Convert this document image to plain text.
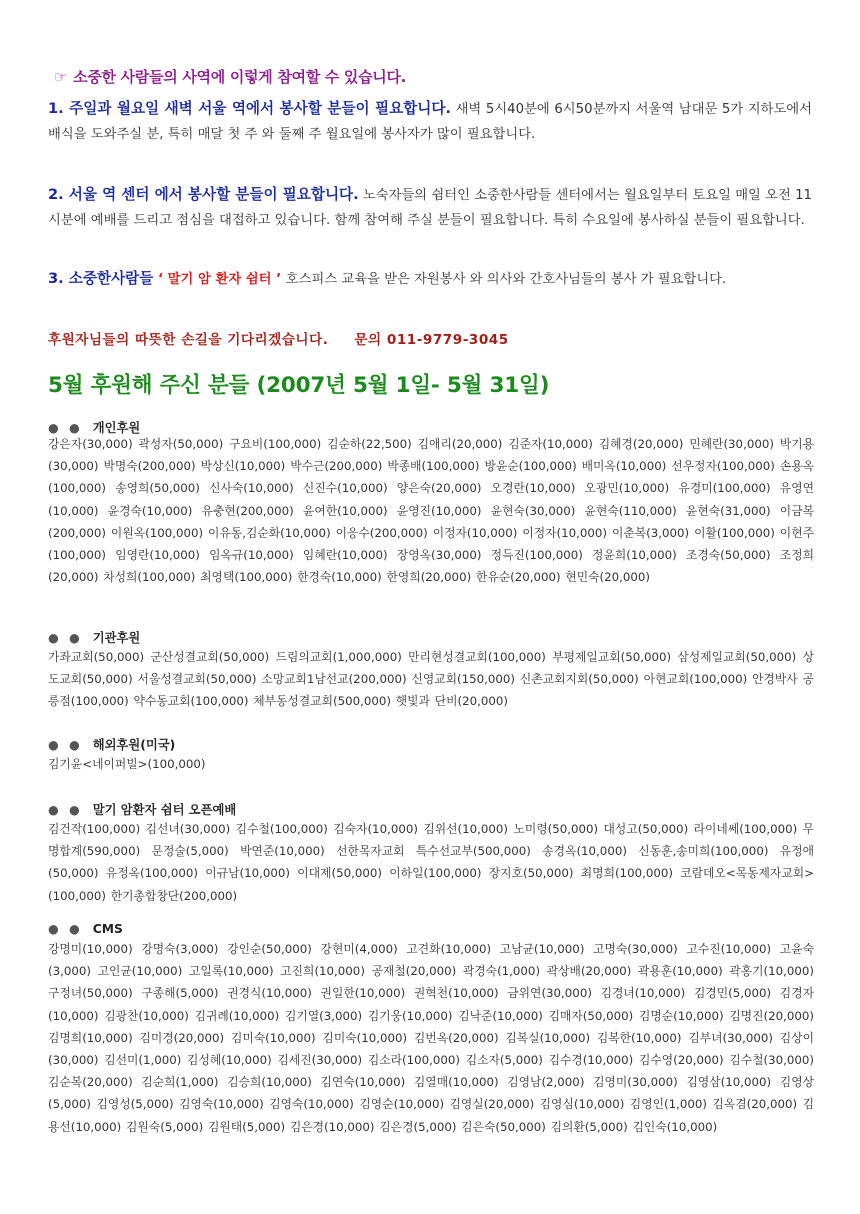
☞ 소중한 사람들의 사역에 이렇게 참여할 수 있습니다.
1. 주일과 월요일 새벽 서울 역에서 봉사할 분들이 필요합니다. 새벽 5시40분에 6시50분까지 서울역 남대문 5가 지하도에서 배식을 도와주실 분, 특히 매달 첫 주 와 둘째 주 월요일에 봉사자가 많이 필요합니다.
2. 서울 역 센터 에서 봉사할 분들이 필요합니다. 노숙자들의 쉼터인 소중한사람들 센터에서는 월요일부터 토요일 매일 오전 11시분에 예배를 드리고 점심을 대접하고 있습니다. 함께 참여해 주실 분들이 필요합니다. 특히 수요일에 봉사하실 분들이 필요합니다.
3. 소중한사람들 ‘ 말기 암 환자 쉼터 ’ 호스피스 교육을 받은 자원봉사 와 의사와 간호사님들의 봉사 가 필요합니다.
후원자님들의 따뜻한 손길을 기다리겠습니다. 문의 011-9779-3045
5월 후원해 주신 분들 (2007년 5월 1일- 5월 31일)
● ● 개인후원
강은자(30,000) 곽성자(50,000) 구요비(100,000) 김순하(22,500) 김애리(20,000) 김준자(10,000) 김혜경(20,000) 민혜란(30,000) 박기용(30,000) 박명숙(200,000) 박상신(10,000) 박수근(200,000) 박종배(100,000) 방윤순(100,000) 배미옥(10,000) 선우정자(100,000) 손용옥(100,000) 송영희(50,000) 신사숙(10,000) 신진수(10,000) 양은숙(20,000) 오경란(10,000) 오광민(10,000) 유경미(100,000) 유영연(10,000) 윤경숙(10,000) 유충현(200,000) 윤여한(10,000) 윤영진(10,000) 윤현숙(30,000) 윤현숙(110,000) 윤현숙(31,000) 이금복(200,000) 이원옥(100,000) 이유동,김순화(10,000) 이응수(200,000) 이정자(10,000) 이정자(10,000) 이춘복(3,000) 이활(100,000) 이현주(100,000) 임영란(10,000) 임옥규(10,000) 임혜란(10,000) 장영옥(30,000) 정득진(100,000) 정윤희(10,000) 조경숙(50,000) 조정희(20,000) 차성희(100,000) 최영택(100,000) 한경숙(10,000) 한영희(20,000) 한유순(20,000) 현민숙(20,000)
● ● 기관후원
가좌교회(50,000) 군산성결교회(50,000) 드림의교회(1,000,000) 만리현성결교회(100,000) 부평제일교회(50,000) 삼성제일교회(50,000) 상도교회(50,000) 서울성결교회(50,000) 소망교회1남선교(200,000) 신영교회(150,000) 신촌교회지회(50,000) 아현교회(100,000) 안경박사 공릉점(100,000) 약수동교회(100,000) 체부동성결교회(500,000) 햇빛과 단비(20,000)
● ● 해외후원(미국)
김기윤<네이퍼빌>(100,000)
● ● 말기 암환자 쉼터 오픈예배
김건작(100,000) 김선녀(30,000) 김수철(100,000) 김숙자(10,000) 김위선(10,000) 노미령(50,000) 대성고(50,000) 라이네쎄(100,000) 무명합계(590,000) 문정술(5,000) 박연준(10,000) 선한목자교회 특수선교부(500,000) 송경옥(10,000) 신동훈,송미희(100,000) 유정애(50,000) 유정옥(100,000) 이규남(10,000) 이대제(50,000) 이하일(100,000) 장지호(50,000) 최명희(100,000) 코람데오<목동제자교회>(100,000) 한기총합창단(200,000)
● ● CMS
강명미(10,000) 강명숙(3,000) 강인순(50,000) 강현미(4,000) 고견화(10,000) 고남균(10,000) 고명숙(30,000) 고수진(10,000) 고윤숙(3,000) 고인균(10,000) 고일록(10,000) 고진희(10,000) 공재철(20,000) 곽경숙(1,000) 곽상배(20,000) 곽용훈(10,000) 곽홍기(10,000) 구정녀(50,000) 구종해(5,000) 권경식(10,000) 권일한(10,000) 권혁천(10,000) 금위연(30,000) 김경녀(10,000) 김경민(5,000) 김경자(10,000) 김광찬(10,000) 김귀례(10,000) 김기열(3,000) 김기웅(10,000) 김낙준(10,000) 김매자(50,000) 김명순(10,000) 김명진(20,000) 김명희(10,000) 김미경(20,000) 김미숙(10,000) 김미숙(10,000) 김번옥(20,000) 김복실(10,000) 김복한(10,000) 김부녀(30,000) 김상이(30,000) 김선미(1,000) 김성혜(10,000) 김세진(30,000) 김소라(100,000) 김소자(5,000) 김수경(10,000) 김수영(20,000) 김수철(30,000) 김순복(20,000) 김순희(1,000) 김승희(10,000) 김연숙(10,000) 김열매(10,000) 김영남(2,000) 김영미(30,000) 김영삼(10,000) 김영상(5,000) 김영성(5,000) 김영숙(10,000) 김영숙(10,000) 김영순(10,000) 김영실(20,000) 김영심(10,000) 김영인(1,000) 김옥겸(20,000) 김용선(10,000) 김원숙(5,000) 김원태(5,000) 김은경(10,000) 김은경(5,000) 김은숙(50,000) 김의환(5,000) 김인숙(10,000)
